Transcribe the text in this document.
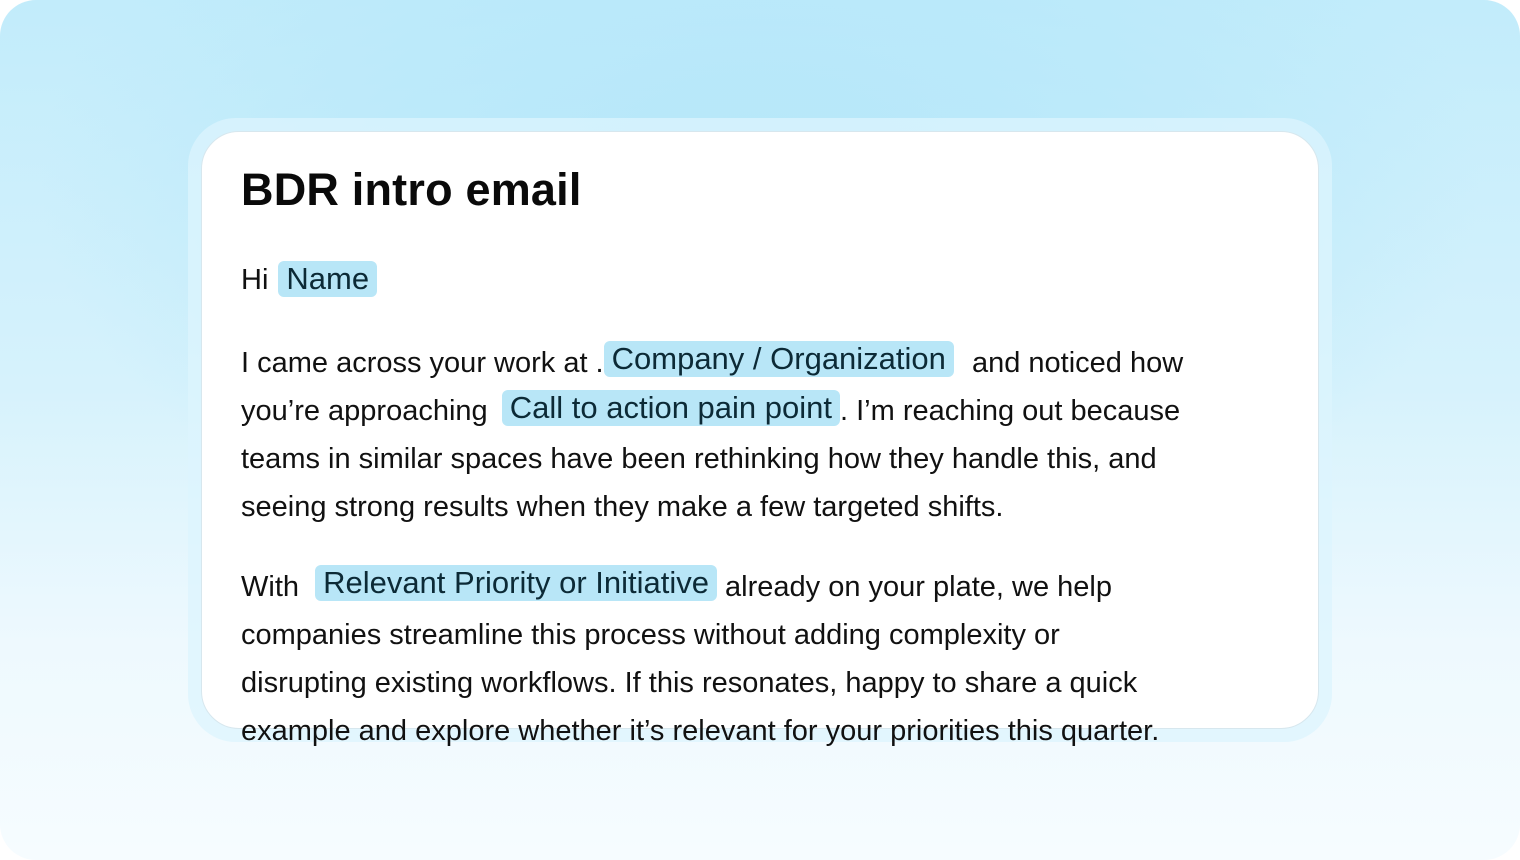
BDR intro email
Hi Name
I came across your work at . Company / Organization and noticed how
you’re approaching Call to action pain point . I’m reaching out because
teams in similar spaces have been rethinking how they handle this, and
seeing strong results when they make a few targeted shifts.
With Relevant Priority or Initiative already on your plate, we help
companies streamline this process without adding complexity or
disrupting existing workflows. If this resonates, happy to share a quick
example and explore whether it’s relevant for your priorities this quarter.
